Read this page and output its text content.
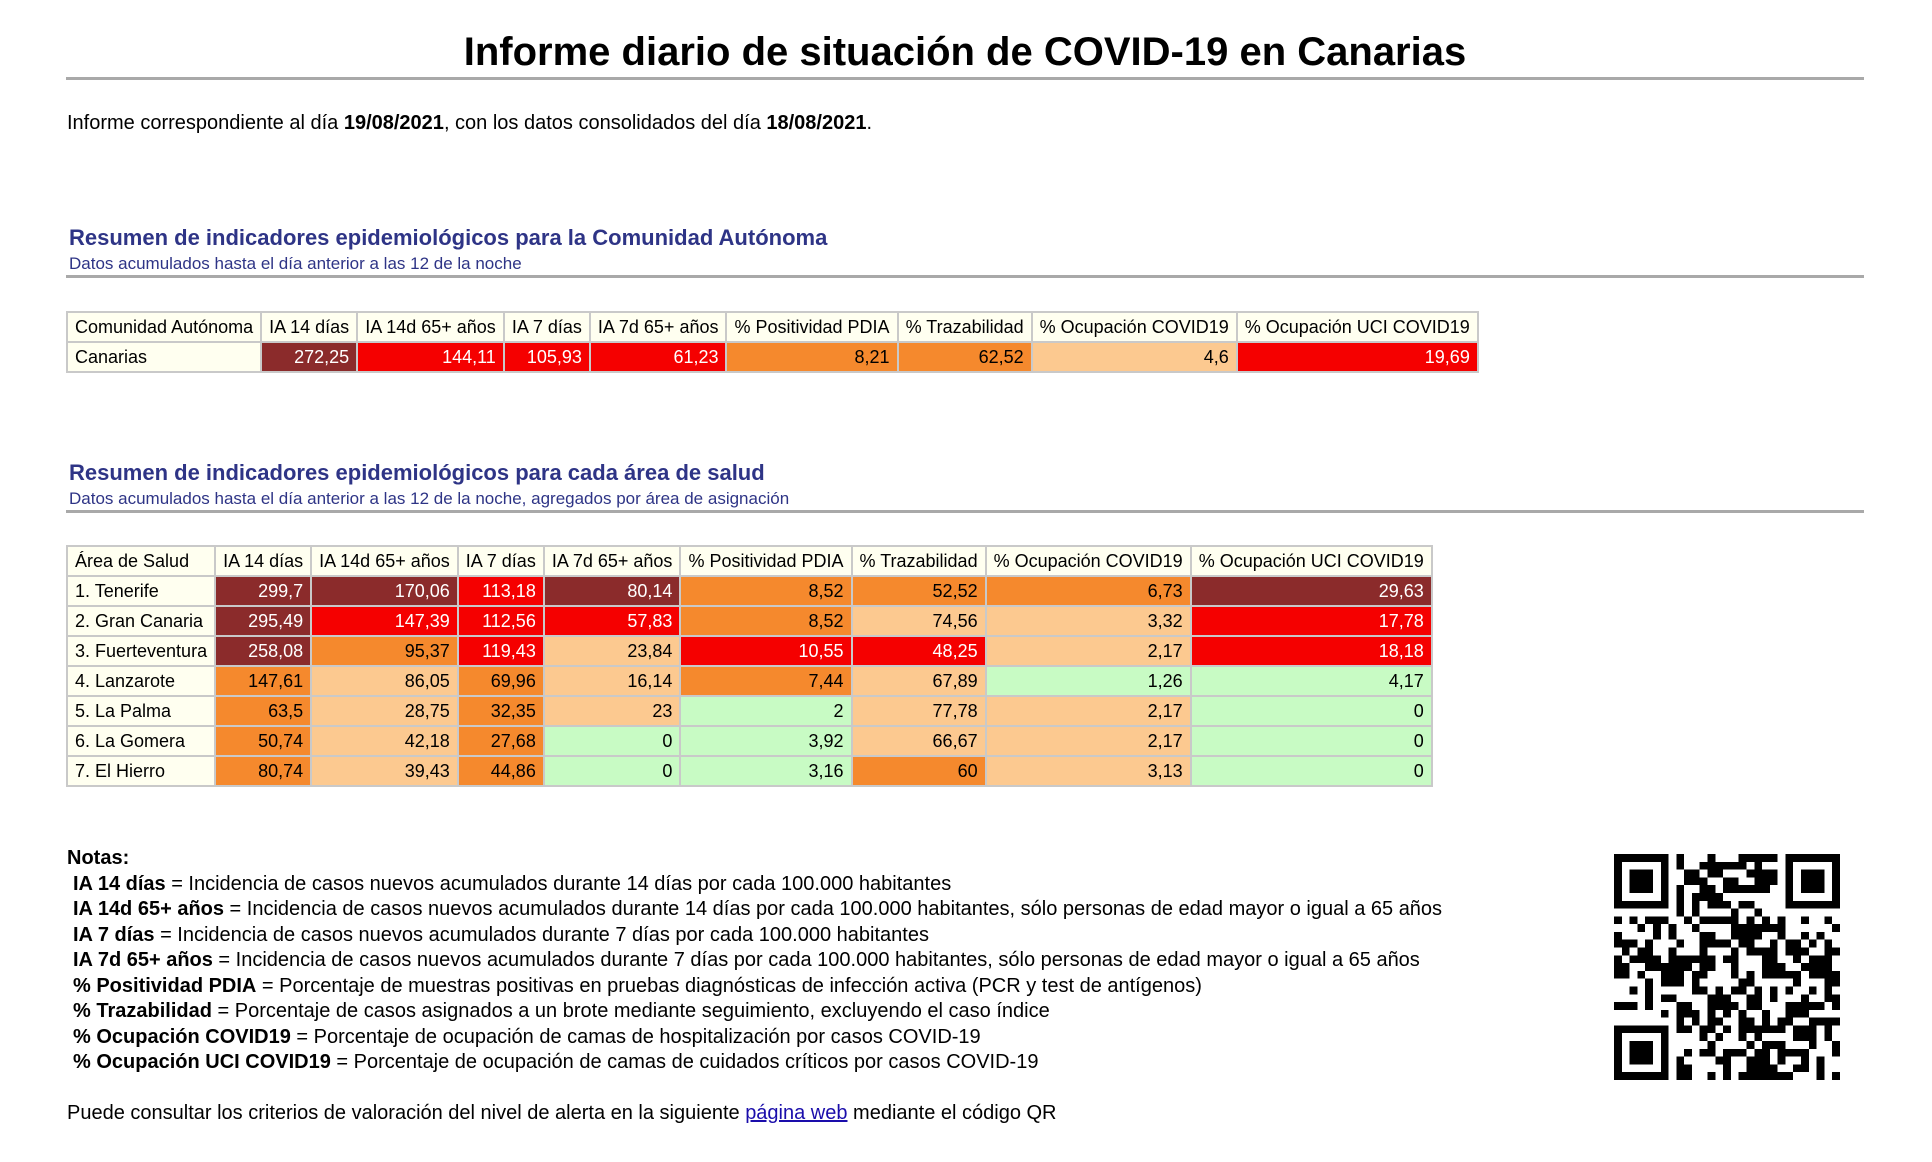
Informe diario de situación de COVID-19 en Canarias
Informe correspondiente al día 19/08/2021, con los datos consolidados del día 18/08/2021.
Resumen de indicadores epidemiológicos para la Comunidad Autónoma
Datos acumulados hasta el día anterior a las 12 de la noche
Comunidad Autónoma	IA 14 días	IA 14d 65+ años	IA 7 días	IA 7d 65+ años	% Positividad PDIA	% Trazabilidad	% Ocupación COVID19	% Ocupación UCI COVID19
Canarias	272,25	144,11	105,93	61,23	8,21	62,52	4,6	19,69
Resumen de indicadores epidemiológicos para cada área de salud
Datos acumulados hasta el día anterior a las 12 de la noche, agregados por área de asignación
Área de Salud	IA 14 días	IA 14d 65+ años	IA 7 días	IA 7d 65+ años	% Positividad PDIA	% Trazabilidad	% Ocupación COVID19	% Ocupación UCI COVID19
1. Tenerife	299,7	170,06	113,18	80,14	8,52	52,52	6,73	29,63
2. Gran Canaria	295,49	147,39	112,56	57,83	8,52	74,56	3,32	17,78
3. Fuerteventura	258,08	95,37	119,43	23,84	10,55	48,25	2,17	18,18
4. Lanzarote	147,61	86,05	69,96	16,14	7,44	67,89	1,26	4,17
5. La Palma	63,5	28,75	32,35	23	2	77,78	2,17	0
6. La Gomera	50,74	42,18	27,68	0	3,92	66,67	2,17	0
7. El Hierro	80,74	39,43	44,86	0	3,16	60	3,13	0
Notas:
IA 14 días = Incidencia de casos nuevos acumulados durante 14 días por cada 100.000 habitantes
IA 14d 65+ años = Incidencia de casos nuevos acumulados durante 14 días por cada 100.000 habitantes, sólo personas de edad mayor o igual a 65 años
IA 7 días = Incidencia de casos nuevos acumulados durante 7 días por cada 100.000 habitantes
IA 7d 65+ años = Incidencia de casos nuevos acumulados durante 7 días por cada 100.000 habitantes, sólo personas de edad mayor o igual a 65 años
% Positividad PDIA = Porcentaje de muestras positivas en pruebas diagnósticas de infección activa (PCR y test de antígenos)
% Trazabilidad = Porcentaje de casos asignados a un brote mediante seguimiento, excluyendo el caso índice
% Ocupación COVID19 = Porcentaje de ocupación de camas de hospitalización por casos COVID-19
% Ocupación UCI COVID19 = Porcentaje de ocupación de camas de cuidados críticos por casos COVID-19
Puede consultar los criterios de valoración del nivel de alerta en la siguiente página web mediante el código QR
